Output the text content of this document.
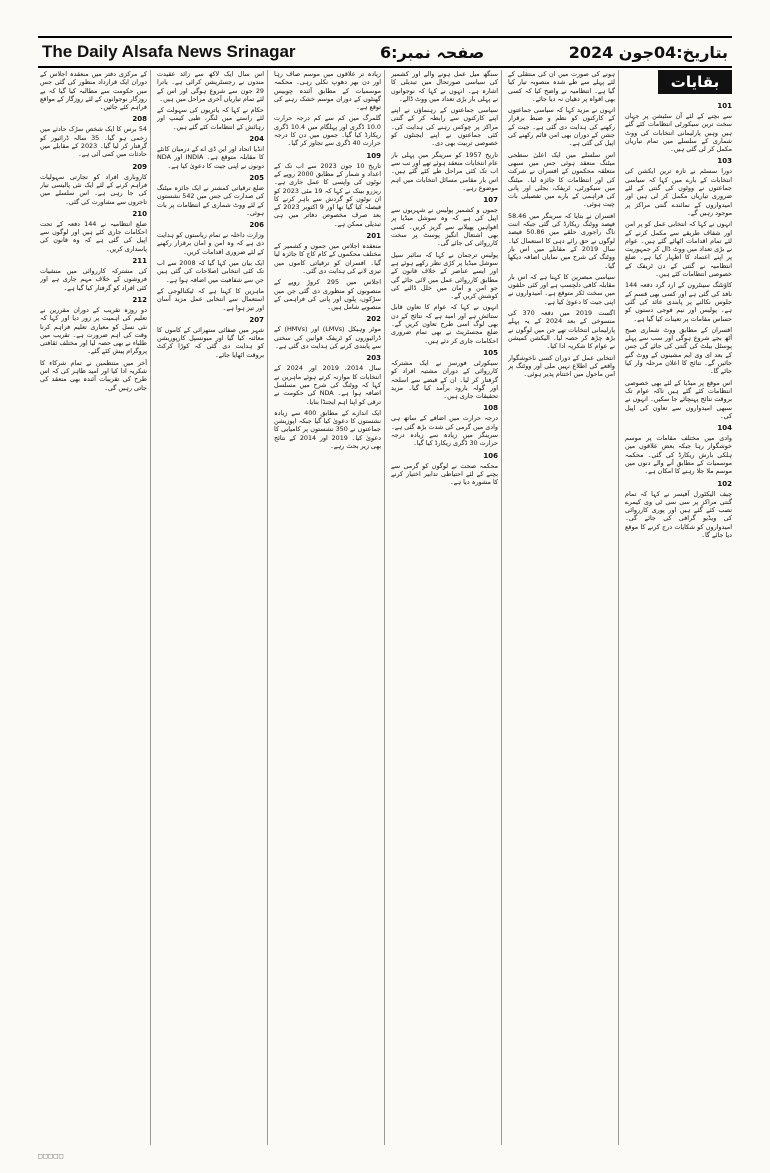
The Daily Alsafa News Srinagar	صفحہ نمبر:6	بتاریخ:04جون 2024
بقایات
101

سے بچنے کے لئے آن سٹیشن پر جہاں سخت ترین سیکورٹی انتظامات کئے گئے ہیں وہیں پارلیمانی انتخابات کی ووٹ شماری کے سلسلے میں تمام تیاریاں مکمل کر لی گئی ہیں۔

103

دورا سسٹم نے تازہ ترین ایکشن کی انتخابات کے بارے میں کہا کہ سیاسی جماعتوں نے ووٹوں کی گنتی کے لئے ضروری تیاریاں مکمل کر لی ہیں اور امیدواروں کے نمائندے گنتی مراکز پر موجود رہیں گے۔

انہوں نے کہا کہ انتخابی عمل کو پر امن اور شفاف طریقے سے مکمل کرنے کے لئے تمام اقدامات اٹھائے گئے ہیں۔ عوام نے بڑی تعداد میں ووٹ ڈال کر جمہوریت پر اپنے اعتماد کا اظہار کیا ہے۔ ضلع انتظامیہ نے گنتی کے دن ٹریفک کے خصوصی انتظامات کئے ہیں۔

کاؤنٹنگ سینٹروں کے ارد گرد دفعہ 144 نافذ کی گئی ہے اور کسی بھی قسم کے جلوس نکالنے پر پابندی عائد کی گئی ہے۔ پولیس اور نیم فوجی دستوں کو حساس مقامات پر تعینات کیا گیا ہے۔

افسران کے مطابق ووٹ شماری صبح آٹھ بجے شروع ہوگی اور سب سے پہلے پوسٹل بیلٹ کی گنتی کی جائے گی جس کے بعد ای وی ایم مشینوں کے ووٹ گنے جائیں گے۔ نتائج کا اعلان مرحلہ وار کیا جائے گا۔

اس موقع پر میڈیا کے لئے بھی خصوصی انتظامات کئے گئے ہیں تاکہ عوام تک بروقت نتائج پہنچائے جا سکیں۔ انہوں نے سبھی امیدواروں سے تعاون کی اپیل کی۔

104

وادی میں مختلف مقامات پر موسم خوشگوار رہا جبکہ بعض علاقوں میں ہلکی بارش ریکارڈ کی گئی۔ محکمہ موسمیات کے مطابق آنے والے دنوں میں موسم ملا جلا رہنے کا امکان ہے۔

102

چیف الیکٹورل آفیسر نے کہا کہ تمام گنتی مراکز پر سی سی ٹی وی کیمرے نصب کئے گئے ہیں اور پوری کارروائی کی ویڈیو گرافی کی جائے گی۔ امیدواروں کو شکایات درج کرنے کا موقع دیا جائے گا۔

ہونے کی صورت میں ان کی منتقلی کے لئے پہلے سے طے شدہ منصوبہ تیار کیا گیا ہے۔ انتظامیہ نے واضح کیا کہ کسی بھی افواہ پر دھیان نہ دیا جائے۔

انہوں نے مزید کہا کہ سیاسی جماعتوں کے کارکنوں کو نظم و ضبط برقرار رکھنے کی ہدایت دی گئی ہے۔ جیت کے جشن کے دوران بھی امن قائم رکھنے کی اپیل کی گئی ہے۔

اس سلسلے میں ایک اعلیٰ سطحی میٹنگ منعقد ہوئی جس میں سبھی متعلقہ محکموں کے افسران نے شرکت کی اور انتظامات کا جائزہ لیا۔ میٹنگ میں سیکورٹی، ٹریفک، بجلی اور پانی کی فراہمی کے بارے میں تفصیلی بات چیت ہوئی۔

افسران نے بتایا کہ سرینگر میں 58.46 فیصد ووٹنگ ریکارڈ کی گئی جبکہ اننت ناگ راجوری حلقے میں 50.86 فیصد لوگوں نے حق رائے دہی کا استعمال کیا۔ سال 2019 کے مقابلے میں اس بار ووٹنگ کی شرح میں نمایاں اضافہ دیکھا گیا۔

سیاسی مبصرین کا کہنا ہے کہ اس بار مقابلہ کافی دلچسپ ہے اور کئی حلقوں میں سخت ٹکر متوقع ہے۔ امیدواروں نے اپنی جیت کا دعویٰ کیا ہے۔

اگست 2019 میں دفعہ 370 کی منسوخی کے بعد 2024 کے یہ پہلے پارلیمانی انتخابات تھے جن میں لوگوں نے بڑھ چڑھ کر حصہ لیا۔ الیکشن کمیشن نے عوام کا شکریہ ادا کیا۔

انتخابی عمل کے دوران کسی ناخوشگوار واقعے کی اطلاع نہیں ملی اور ووٹنگ پر امن ماحول میں اختتام پذیر ہوئی۔

سنگھ میل عمل ہونے والے اور کشمیر کی سیاسی صورتحال میں تبدیلی کا اشارہ ہے۔ انہوں نے کہا کہ نوجوانوں نے پہلی بار بڑی تعداد میں ووٹ ڈالے۔

سیاسی جماعتوں کے رہنماؤں نے اپنے اپنے کارکنوں سے رابطہ کر کے گنتی مراکز پر چوکس رہنے کی ہدایت کی۔ کئی جماعتوں نے اپنے ایجنٹوں کو خصوصی تربیت بھی دی۔

تاریخ 1957 کو سرینگر میں پہلی بار عام انتخابات منعقد ہوئے تھے اور تب سے اب تک کئی مراحل طے کئے گئے ہیں۔ اس بار مقامی مسائل انتخابات میں اہم موضوع رہے۔

107

جموں و کشمیر پولیس نے شہریوں سے اپیل کی ہے کہ وہ سوشل میڈیا پر افواہیں پھیلانے سے گریز کریں۔ کسی بھی اشتعال انگیز پوسٹ پر سخت کارروائی کی جائے گی۔

پولیس ترجمان نے کہا کہ سائبر سیل سوشل میڈیا پر کڑی نظر رکھے ہوئے ہے اور ایسے عناصر کے خلاف قانون کے مطابق کارروائی عمل میں لائی جائے گی جو امن و امان میں خلل ڈالنے کی کوشش کریں گے۔

انہوں نے کہا کہ عوام کا تعاون قابل ستائش ہے اور امید ہے کہ نتائج کے دن بھی لوگ اسی طرح تعاون کریں گے۔ ضلع مجسٹریٹ نے بھی تمام ضروری احکامات جاری کر دئے ہیں۔

105

سیکورٹی فورسز نے ایک مشترکہ کارروائی کے دوران مشتبہ افراد کو گرفتار کر لیا۔ ان کے قبضے سے اسلحہ اور گولہ بارود برآمد کیا گیا۔ مزید تحقیقات جاری ہیں۔

108

درجہ حرارت میں اضافے کے ساتھ ہی وادی میں گرمی کی شدت بڑھ گئی ہے۔ سرینگر میں زیادہ سے زیادہ درجہ حرارت 30 ڈگری ریکارڈ کیا گیا۔

106

محکمہ صحت نے لوگوں کو گرمی سے بچنے کے لئے احتیاطی تدابیر اختیار کرنے کا مشورہ دیا ہے۔

زیادہ تر علاقوں میں موسم صاف رہا اور دن بھر دھوپ نکلی رہی۔ محکمہ موسمیات کے مطابق آئندہ چوبیس گھنٹوں کے دوران موسم خشک رہنے کی توقع ہے۔

گلمرگ میں کم سے کم درجہ حرارت 10.0 ڈگری اور پہلگام میں 10.4 ڈگری ریکارڈ کیا گیا۔ جموں میں دن کا درجہ حرارت 40 ڈگری سے تجاوز کر گیا۔

109

تاریخ 10 جون 2023 سے اب تک کے اعداد و شمار کے مطابق 2000 روپے کے نوٹوں کی واپسی کا عمل جاری ہے۔ ریزرو بینک نے کہا کہ 19 مئی 2023 کو ان نوٹوں کو گردش سے باہر کرنے کا فیصلہ کیا گیا تھا اور 9 اکتوبر 2023 کے بعد صرف مخصوص دفاتر میں ہی تبدیلی ممکن ہے۔

201

منعقدہ اجلاس میں جموں و کشمیر کے مختلف محکموں کے کام کاج کا جائزہ لیا گیا۔ افسران کو ترقیاتی کاموں میں تیزی لانے کی ہدایت دی گئی۔

اجلاس میں 295 کروڑ روپے کے منصوبوں کو منظوری دی گئی جن میں سڑکوں، پلوں اور پانی کی فراہمی کے منصوبے شامل ہیں۔

202

موٹر وہیکل (LMVs) اور (HMVs) کے ڈرائیوروں کو ٹریفک قوانین کی سختی سے پابندی کرنے کی ہدایت دی گئی ہے۔

203

سال 2014، 2019 اور 2024 کے انتخابات کا موازنہ کرتے ہوئے ماہرین نے کہا کہ ووٹنگ کی شرح میں مسلسل اضافہ ہوا ہے۔ NDA کی حکومت نے ترقی کو اپنا اہم ایجنڈا بنایا۔

ایک اندازے کے مطابق 400 سے زیادہ نشستوں کا دعویٰ کیا گیا جبکہ اپوزیشن جماعتوں نے 350 نشستوں پر کامیابی کا دعویٰ کیا۔ 2019 اور 2014 کے نتائج بھی زیر بحث رہے۔

اس سال ایک لاکھ سے زائد عقیدت مندوں نے رجسٹریشن کرائی ہے۔ یاترا 29 جون سے شروع ہوگی اور اس کے لئے تمام تیاریاں آخری مراحل میں ہیں۔

حکام نے کہا کہ یاتریوں کی سہولت کے لئے راستے میں لنگر، طبی کیمپ اور رہائش کے انتظامات کئے گئے ہیں۔

204

انڈیا اتحاد اور این ڈی اے کے درمیان کانٹے کا مقابلہ متوقع ہے۔ INDIA اور NDA دونوں نے اپنی جیت کا دعویٰ کیا ہے۔

205

ضلع ترقیاتی کمشنر نے ایک جائزہ میٹنگ کی صدارت کی جس میں 542 نشستوں کے لئے ووٹ شماری کے انتظامات پر بات ہوئی۔

206

وزارت داخلہ نے تمام ریاستوں کو ہدایت دی ہے کہ وہ امن و امان برقرار رکھنے کے لئے ضروری اقدامات کریں۔

ایک بیان میں کہا گیا کہ 2008 سے اب تک کئی انتخابی اصلاحات کی گئی ہیں جن سے شفافیت میں اضافہ ہوا ہے۔

ماہرین کا کہنا ہے کہ ٹیکنالوجی کے استعمال سے انتخابی عمل مزید آسان اور تیز ہوا ہے۔

207

شہر میں صفائی ستھرائی کے کاموں کا معائنہ کیا گیا اور میونسپل کارپوریشن کو ہدایت دی گئی کہ کوڑا کرکٹ بروقت اٹھایا جائے۔

کے مرکزی دفتر میں منعقدہ اجلاس کے دوران ایک قرارداد منظور کی گئی جس میں حکومت سے مطالبہ کیا گیا کہ بے روزگار نوجوانوں کے لئے روزگار کے مواقع فراہم کئے جائیں۔

208

54 برس کا ایک شخص سڑک حادثے میں زخمی ہو گیا۔ 35 سالہ ڈرائیور کو گرفتار کر لیا گیا۔ 2023 کے مقابلے میں حادثات میں کمی آئی ہے۔

209

کاروباری افراد کو تجارتی سہولیات فراہم کرنے کے لئے ایک نئی پالیسی تیار کی جا رہی ہے۔ اس سلسلے میں تاجروں سے مشاورت کی گئی۔

210

ضلع انتظامیہ نے 144 دفعہ کے تحت احکامات جاری کئے ہیں اور لوگوں سے اپیل کی گئی ہے کہ وہ قانون کی پاسداری کریں۔

211

کی مشترکہ کارروائی میں منشیات فروشوں کے خلاف مہم جاری ہے اور کئی افراد کو گرفتار کیا گیا ہے۔

212

دو روزہ تقریب کے دوران مقررین نے تعلیم کی اہمیت پر زور دیا اور کہا کہ نئی نسل کو معیاری تعلیم فراہم کرنا وقت کی اہم ضرورت ہے۔ تقریب میں طلباء نے بھی حصہ لیا اور مختلف ثقافتی پروگرام پیش کئے گئے۔

آخر میں منتظمین نے تمام شرکاء کا شکریہ ادا کیا اور امید ظاہر کی کہ اس طرح کی تقریبات آئندہ بھی منعقد کی جاتی رہیں گی۔

□□□□□
